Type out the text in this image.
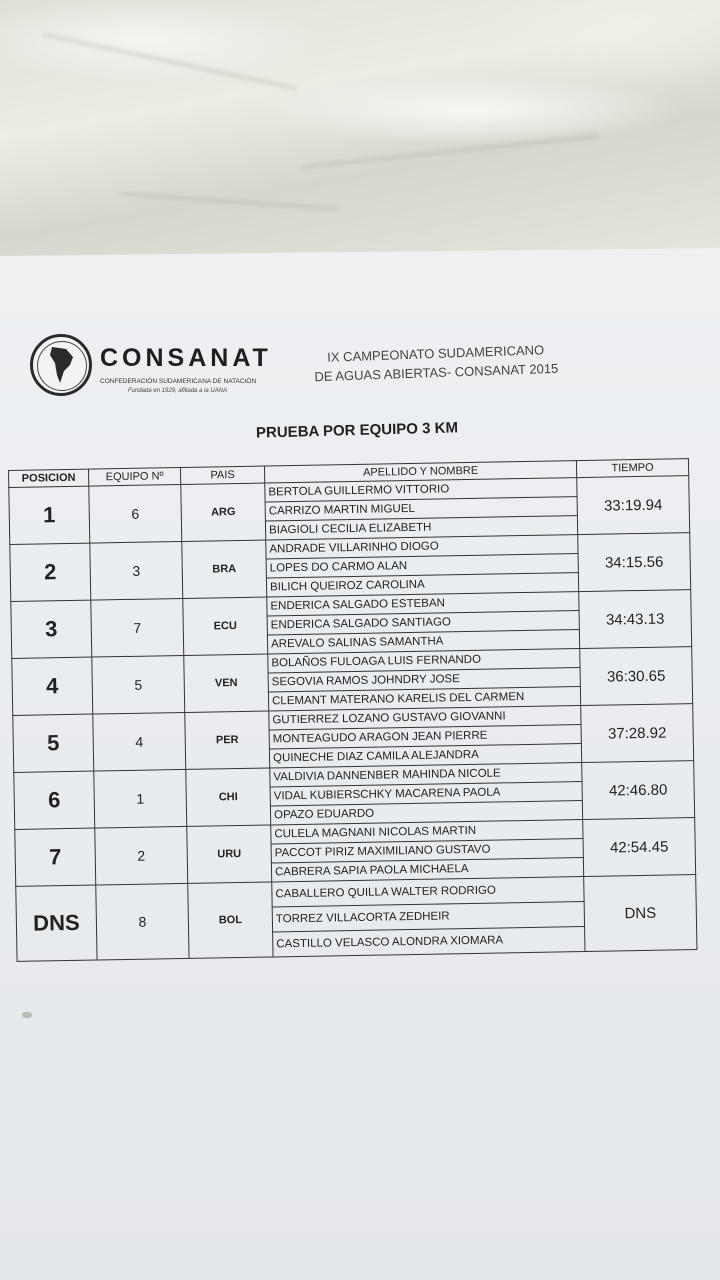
CONSANAT
CONFEDERACIÓN SUDAMERICANA DE NATACIÓN
Fundada en 1929, afiliada a la UANA
IX CAMPEONATO SUDAMERICANO
DE AGUAS ABIERTAS- CONSANAT 2015
PRUEBA POR EQUIPO 3 KM
POSICION	EQUIPO Nº	PAIS	APELLIDO Y NOMBRE	TIEMPO
1	6	ARG	BERTOLA GUILLERMO VITTORIO	33:19.94
			CARRIZO MARTIN MIGUEL	
			BIAGIOLI CECILIA ELIZABETH	
2	3	BRA	ANDRADE VILLARINHO DIOGO	34:15.56
			LOPES DO CARMO ALAN	
			BILICH QUEIROZ CAROLINA	
3	7	ECU	ENDERICA SALGADO ESTEBAN	34:43.13
			ENDERICA SALGADO SANTIAGO	
			AREVALO SALINAS SAMANTHA	
4	5	VEN	BOLAÑOS FULOAGA LUIS FERNANDO	36:30.65
			SEGOVIA RAMOS JOHNDRY JOSE	
			CLEMANT MATERANO KARELIS DEL CARMEN	
5	4	PER	GUTIERREZ LOZANO GUSTAVO GIOVANNI	37:28.92
			MONTEAGUDO ARAGON JEAN PIERRE	
			QUINECHE DIAZ CAMILA ALEJANDRA	
6	1	CHI	VALDIVIA DANNENBER MAHINDA NICOLE	42:46.80
			VIDAL KUBIERSCHKY MACARENA PAOLA	
			OPAZO EDUARDO	
7	2	URU	CULELA MAGNANI NICOLAS MARTIN	42:54.45
			PACCOT PIRIZ MAXIMILIANO GUSTAVO	
			CABRERA SAPIA PAOLA MICHAELA	
DNS	8	BOL	CABALLERO QUILLA WALTER RODRIGO	DNS
			TORREZ VILLACORTA ZEDHEIR	
			CASTILLO VELASCO ALONDRA XIOMARA	
